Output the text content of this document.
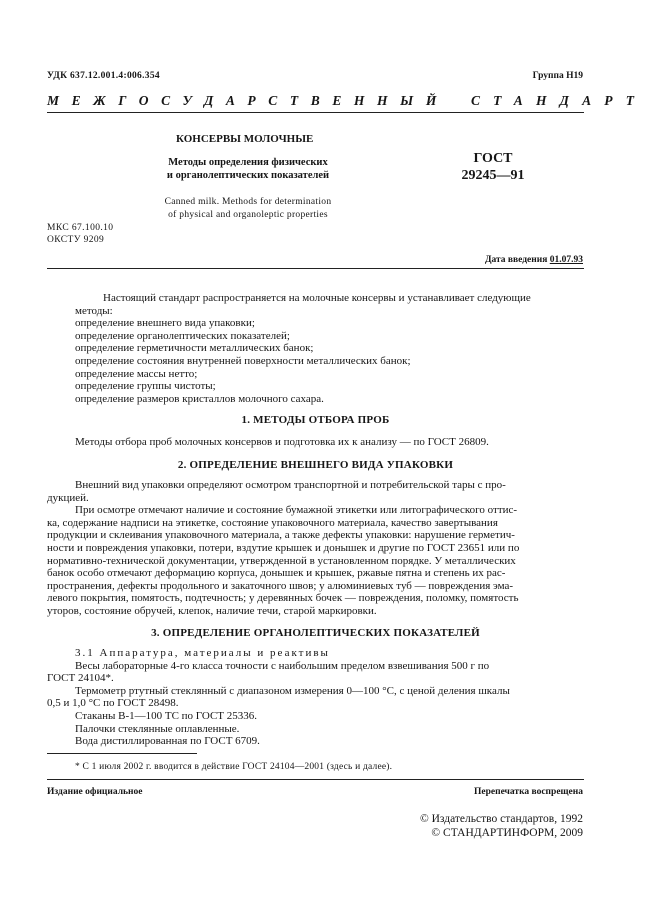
УДК 637.12.001.4:006.354	Группа Н19
МЕЖГОСУДАРСТВЕННЫЙ СТАНДАРТ
КОНСЕРВЫ МОЛОЧНЫЕ
Методы определения физических
и органолептических показателей
ГОСТ
29245—91
Canned milk. Methods for determination
of physical and organoleptic properties
МКС 67.100.10
ОКСТУ 9209
Дата введения 01.07.93

Настоящий стандарт распространяется на молочные консервы и устанавливает следующие

методы:

определение внешнего вида упаковки;

определение органолептических показателей;

определение герметичности металлических банок;

определение состояния внутренней поверхности металлических банок;

определение массы нетто;

определение группы чистоты;

определение размеров кристаллов молочного сахара.

1. МЕТОДЫ ОТБОРА ПРОБ
Методы отбора проб молочных консервов и подготовка их к анализу — по ГОСТ 26809.
2. ОПРЕДЕЛЕНИЕ ВНЕШНЕГО ВИДА УПАКОВКИ
Внешний вид упаковки определяют осмотром транспортной и потребительской тары с про-
дукцией.
При осмотре отмечают наличие и состояние бумажной этикетки или литографического оттис-
ка, содержание надписи на этикетке, состояние упаковочного материала, качество завертывания
продукции и склеивания упаковочного материала, а также дефекты упаковки: нарушение герметич-
ности и повреждения упаковки, потери, вздутие крышек и донышек и другие по ГОСТ 23651 или по
нормативно-технической документации, утвержденной в установленном порядке. У металлических
банок особо отмечают деформацию корпуса, донышек и крышек, ржавые пятна и степень их рас-
пространения, дефекты продольного и закаточного швов; у алюминиевых туб — повреждения эма-
левого покрытия, помятость, подтечность; у деревянных бочек — повреждения, поломку, помятость
уторов, состояние обручей, клепок, наличие течи, старой маркировки.
3. ОПРЕДЕЛЕНИЕ ОРГАНОЛЕПТИЧЕСКИХ ПОКАЗАТЕЛЕЙ
3.1 Аппаратура, материалы и реактивы
Весы лабораторные 4-го класса точности с наибольшим пределом взвешивания 500 г по
ГОСТ 24104*.
Термометр ртутный стеклянный с диапазоном измерения 0—100 °С, с ценой деления шкалы
0,5 и 1,0 °С по ГОСТ 28498.
Стаканы В-1—100 ТС по ГОСТ 25336.
Палочки стеклянные оплавленные.
Вода дистиллированная по ГОСТ 6709.
* С 1 июля 2002 г. вводится в действие ГОСТ 24104—2001 (здесь и далее).
Издание официальное	Перепечатка воспрещена
© Издательство стандартов, 1992
© СТАНДАРТИНФОРМ, 2009
